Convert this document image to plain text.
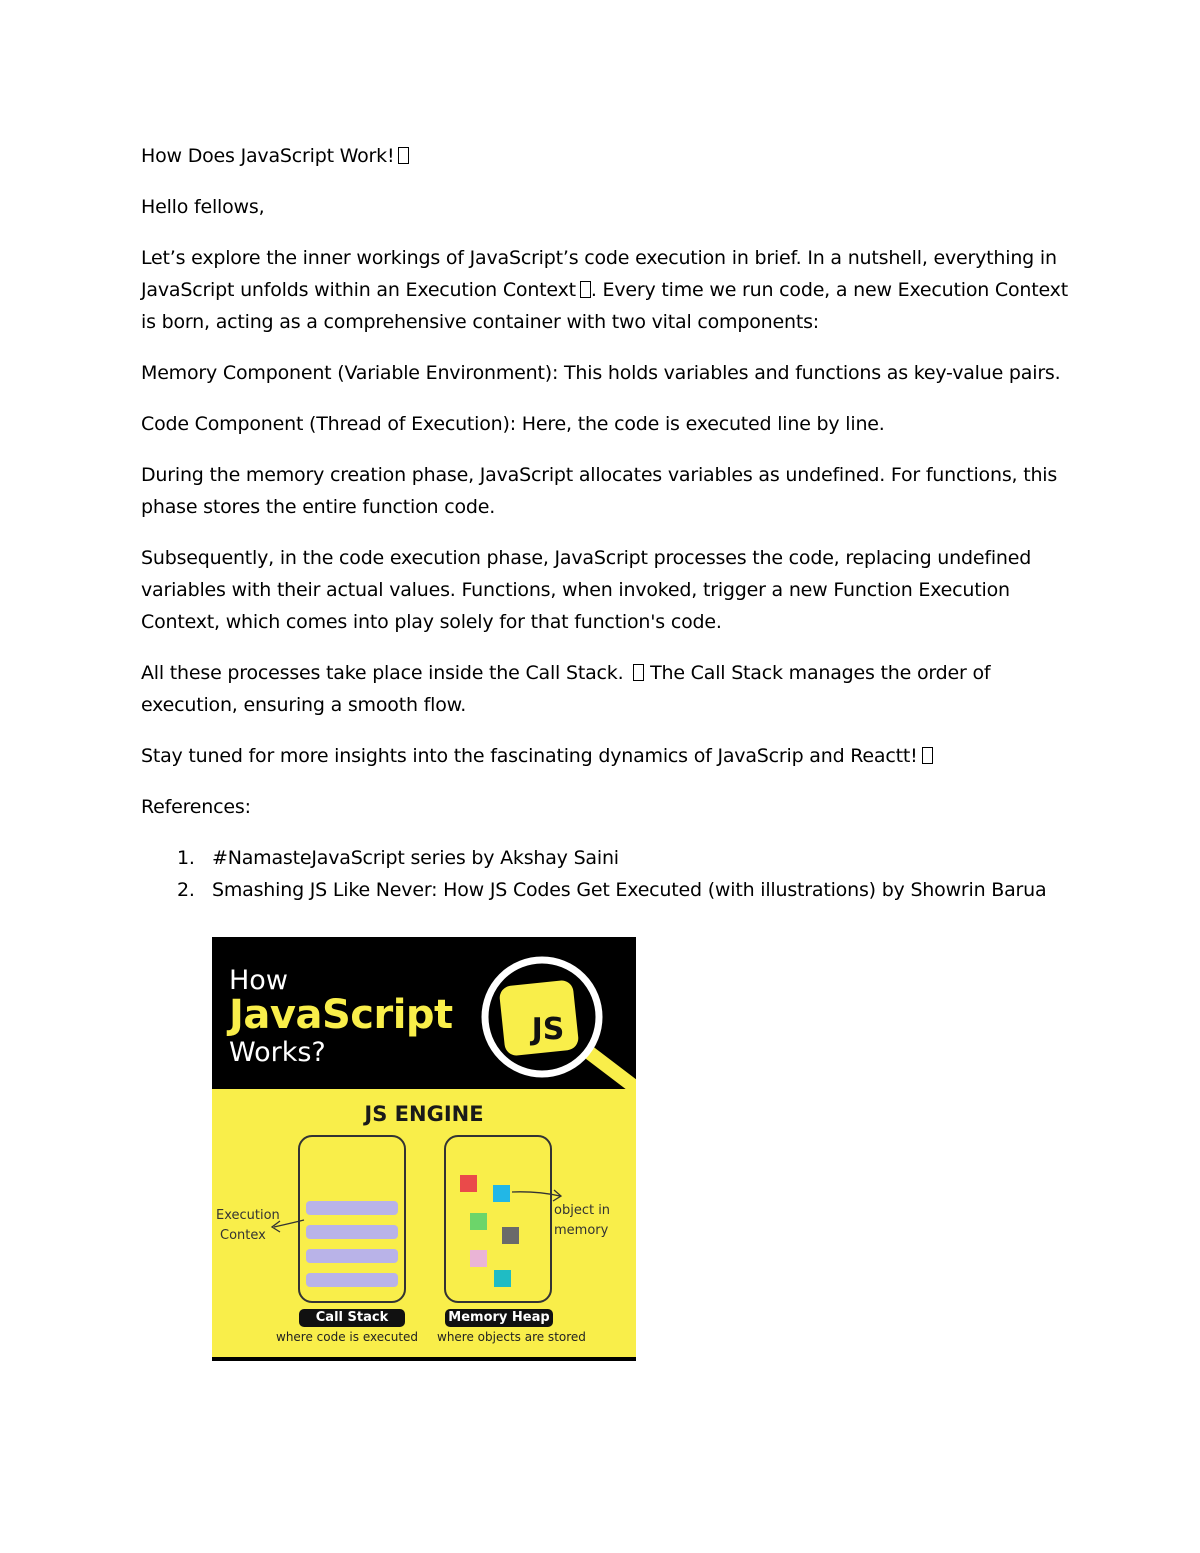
How Does JavaScript Work!

Hello fellows,

Let’s explore the inner workings of JavaScript’s code execution in brief. In a nutshell, everything in JavaScript unfolds within an Execution Context . Every time we run code, a new Execution Context is born, acting as a comprehensive container with two vital components:

Memory Component (Variable Environment): This holds variables and functions as key-value pairs.

Code Component (Thread of Execution): Here, the code is executed line by line.

During the memory creation phase, JavaScript allocates variables as undefined. For functions, this phase stores the entire function code.

Subsequently, in the code execution phase, JavaScript processes the code, replacing undefined variables with their actual values. Functions, when invoked, trigger a new Function Execution Context, which comes into play solely for that function's code.

All these processes take place inside the Call Stack. The Call Stack manages the order of execution, ensuring a smooth flow.

Stay tuned for more insights into the fascinating dynamics of JavaScrip and Reactt!

References:

1. #NamasteJavaScript series by Akshay Saini
2. Smashing JS Like Never: How JS Codes Get Executed (with illustrations) by Showrin Barua
How
JavaScript
Works?
JS
JS ENGINE
Execution
Contex
object in
memory
Call Stack	Memory Heap
where code is executed where objects are stored
